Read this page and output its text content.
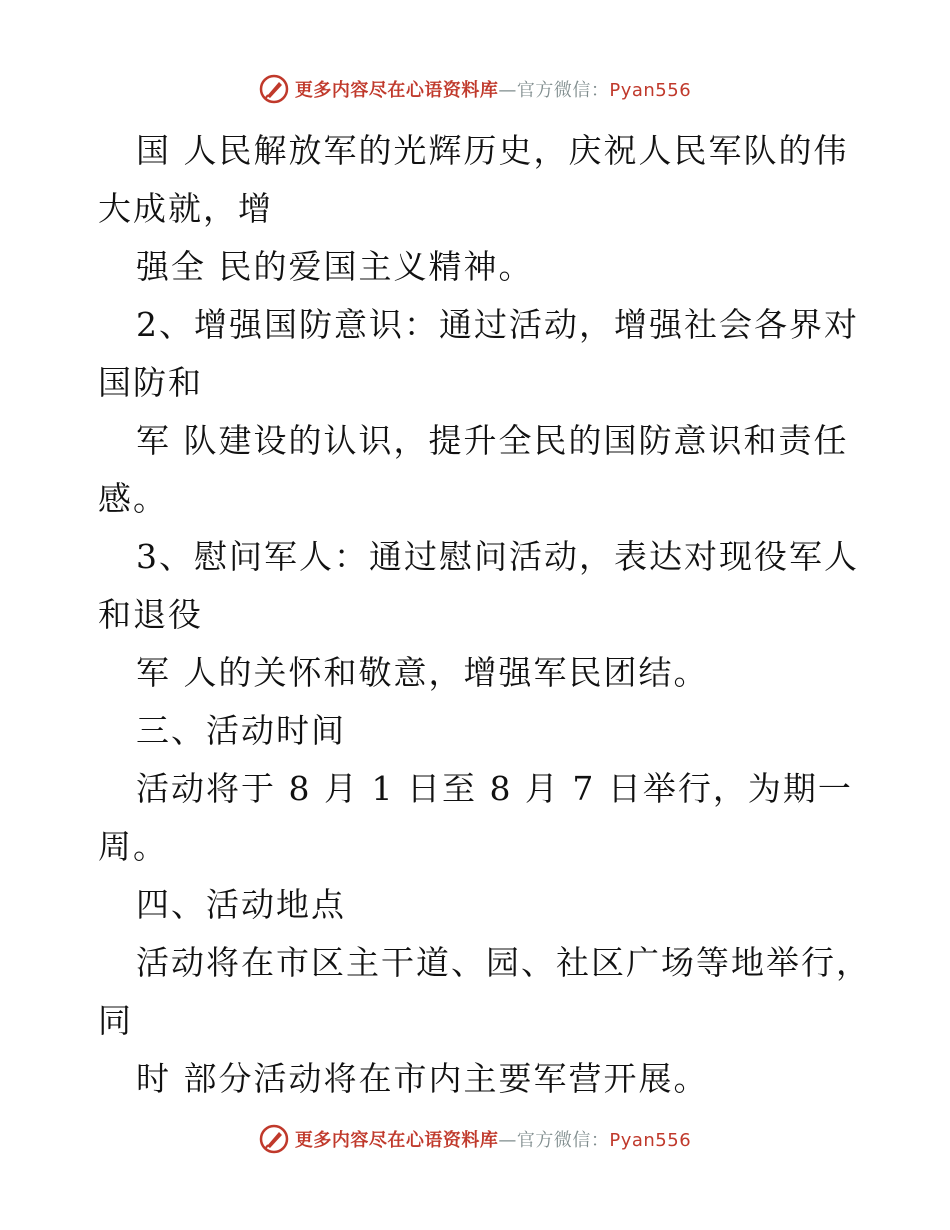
更多内容尽在心语资料库—官方微信：Pyan556
国 人民解放军的光辉历史，庆祝人民军队的伟
大成就，增
强全 民的爱国主义精神。
2、增强国防意识：通过活动，增强社会各界对
国防和
军 队建设的认识，提升全民的国防意识和责任
感。
3、慰问军人：通过慰问活动，表达对现役军人
和退役
军 人的关怀和敬意，增强军民团结。
三、活动时间
活动将于 8 月 1 日至 8 月 7 日举行，为期一
周。
四、活动地点
活动将在市区主干道、园、社区广场等地举行，
同
时 部分活动将在市内主要军营开展。
更多内容尽在心语资料库—官方微信：Pyan556
